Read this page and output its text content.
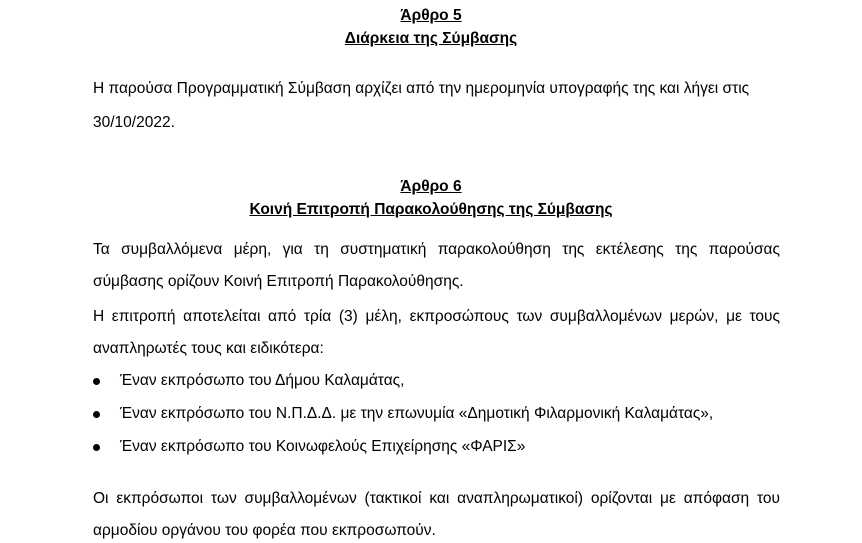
Άρθρο 5
Διάρκεια της Σύμβασης
Η παρούσα Προγραμματική Σύμβαση αρχίζει από την ημερομηνία υπογραφής της και λήγει στις
30/10/2022.
Άρθρο 6
Κοινή Επιτροπή Παρακολούθησης της Σύμβασης
Τα συμβαλλόμενα μέρη, για τη συστηματική παρακολούθηση της εκτέλεσης της παρούσας
σύμβασης ορίζουν Κοινή Επιτροπή Παρακολούθησης.
Η επιτροπή αποτελείται από τρία (3) μέλη, εκπροσώπους των συμβαλλομένων μερών, με τους
αναπληρωτές τους και ειδικότερα:
Έναν εκπρόσωπο του Δήμου Καλαμάτας,
Έναν εκπρόσωπο του Ν.Π.Δ.Δ. με την επωνυμία «Δημοτική Φιλαρμονική Καλαμάτας»,
Έναν εκπρόσωπο του Κοινωφελούς Επιχείρησης «ΦΑΡΙΣ»
Οι εκπρόσωποι των συμβαλλομένων (τακτικοί και αναπληρωματικοί) ορίζονται με απόφαση του
αρμοδίου οργάνου του φορέα που εκπροσωπούν.
